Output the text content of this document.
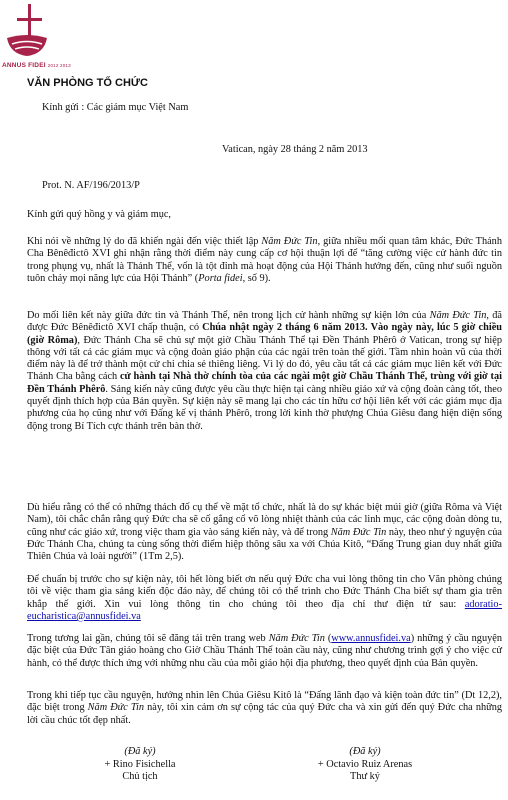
ANNUS FIDEI 2012 2013
VĂN PHÒNG TỔ CHỨC
Kính gửi : Các giám mục Việt Nam
Vatican, ngày 28 tháng 2 năm 2013
Prot. N. AF/196/2013/P
Kính gửi quý hồng y và giám mục,

Khi nói về những lý do đã khiến ngài đến việc thiết lập Năm Đức Tin, giữa nhiều mối quan tâm khác, Đức Thánh Cha Bênêđictô XVI ghi nhận rằng thời điểm này cung cấp cơ hội thuận lợi để “tăng cường việc cử hành đức tin trong phụng vụ, nhất là Thánh Thể, vốn là tột đỉnh mà hoạt động của Hội Thánh hướng đến, cũng như suối nguồn tuôn chảy mọi năng lực của Hội Thánh” (Porta fidei, số 9).

Do mối liên kết này giữa đức tin và Thánh Thể, nên trong lịch cử hành những sự kiện lớn của Năm Đức Tin, đã được Đức Bênêđictô XVI chấp thuận, có Chúa nhật ngày 2 tháng 6 năm 2013. Vào ngày này, lúc 5 giờ chiều (giờ Rôma), Đức Thánh Cha sẽ chủ sự một giờ Chầu Thánh Thể tại Đền Thánh Phêrô ở Vatican, trong sự hiệp thông với tất cả các giám mục và cộng đoàn giáo phận của các ngài trên toàn thế giới. Tầm nhìn hoàn vũ của thời điểm này là để trở thành một cử chỉ chia sẻ thiêng liêng. Vì lý do đó, yêu cầu tất cả các giám mục liên kết với Đức Thánh Cha bằng cách cử hành tại Nhà thờ chính tòa của các ngài một giờ Chầu Thánh Thể, trùng với giờ tại Đền Thánh Phêrô. Sáng kiến này cũng được yêu cầu thực hiện tại càng nhiều giáo xứ và cộng đoàn càng tốt, theo quyết định thích hợp của Bản quyền. Sự kiện này sẽ mang lại cho các tín hữu cơ hội liên kết với các giám mục địa phương của họ cũng như với Đấng kế vị thánh Phêrô, trong lời kinh thờ phượng Chúa Giêsu đang hiện diện sống động trong Bí Tích cực thánh trên bàn thờ.

Dù hiểu rằng có thể có những thách đố cụ thể về mặt tổ chức, nhất là do sự khác biệt múi giờ (giữa Rôma và Việt Nam), tôi chắc chắn rằng quý Đức cha sẽ cố gắng cổ võ lòng nhiệt thành của các linh mục, các cộng đoàn dòng tu, cũng như các giáo xứ, trong việc tham gia vào sáng kiến này, và để trong Năm Đức Tin này, theo như ý nguyện của Đức Thánh Cha, chúng ta cùng sống thời điểm hiệp thông sâu xa với Chúa Kitô, “Đấng Trung gian duy nhất giữa Thiên Chúa và loài người” (1Tm 2,5).

Để chuẩn bị trước cho sự kiện này, tôi hết lòng biết ơn nếu quý Đức cha vui lòng thông tin cho Văn phòng chúng tôi về việc tham gia sáng kiến độc đáo này, để chúng tôi có thể trình cho Đức Thánh Cha biết sự tham gia trên khắp thế giới. Xin vui lòng thông tin cho chúng tôi theo địa chỉ thư điện tử sau: adoratio-eucharistica@annusfidei.va

Trong tương lai gần, chúng tôi sẽ đăng tải trên trang web Năm Đức Tin (www.annusfidei.va) những ý cầu nguyện đặc biệt của Đức Tân giáo hoàng cho Giờ Chầu Thánh Thể toàn cầu này, cũng như chương trình gợi ý cho việc cử hành, có thể được thích ứng với những nhu cầu của mỗi giáo hội địa phương, theo quyết định của Bản quyền.

Trong khi tiếp tục cầu nguyện, hướng nhìn lên Chúa Giêsu Kitô là “Đấng lãnh đạo và kiện toàn đức tin” (Dt 12,2), đặc biệt trong Năm Đức Tin này, tôi xin cảm ơn sự cộng tác của quý Đức cha và xin gửi đến quý Đức cha những lời cầu chúc tốt đẹp nhất.

(Đã ký)
+ Rino Fisichella
Chủ tịch
(Đã ký)
+ Octavio Ruiz Arenas
Thư ký
